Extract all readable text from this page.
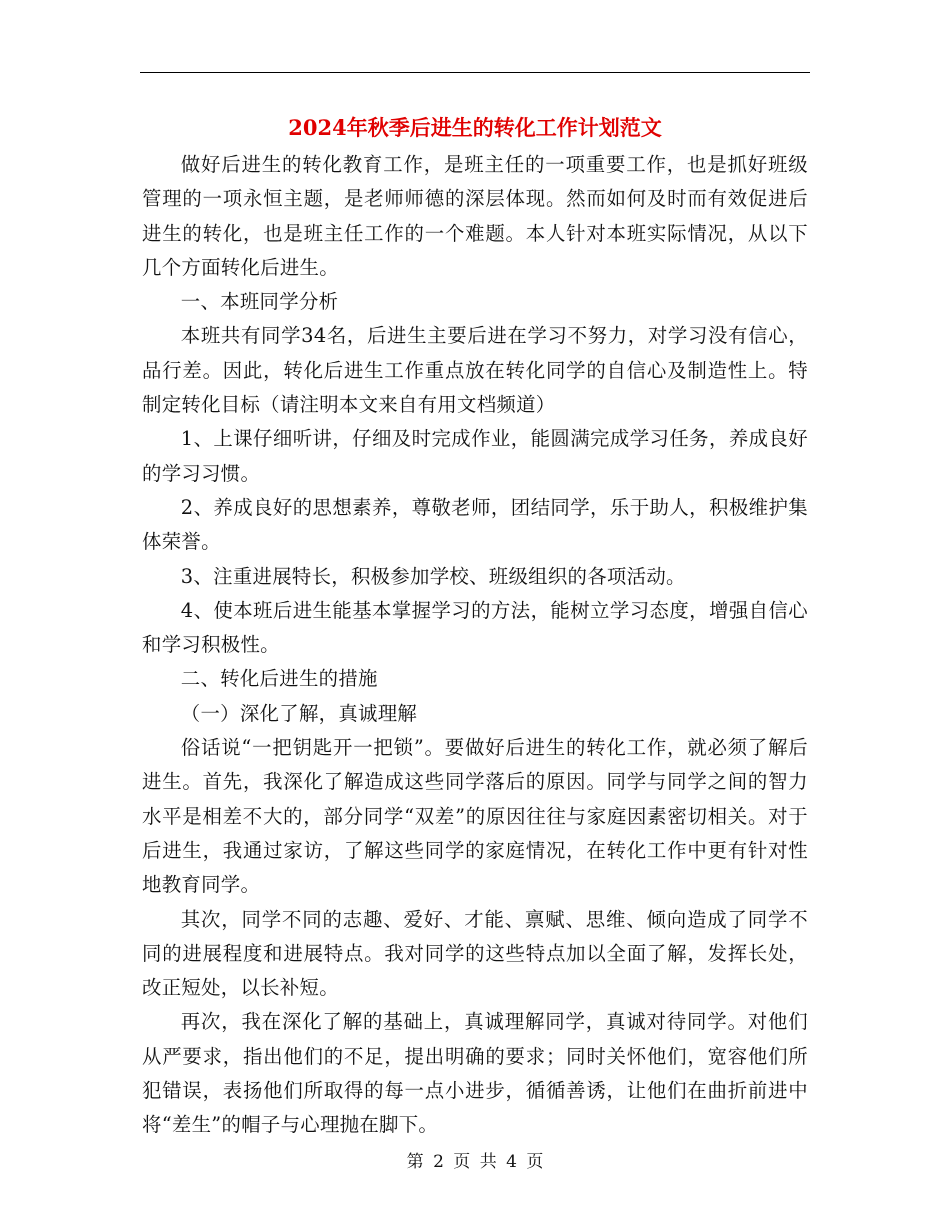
2024年秋季后进生的转化工作计划范文

做好后进生的转化教育工作，是班主任的一项重要工作，也是抓好班级管理的一项永恒主题，是老师师德的深层体现。然而如何及时而有效促进后进生的转化，也是班主任工作的一个难题。本人针对本班实际情况，从以下几个方面转化后进生。

一、本班同学分析

本班共有同学34名，后进生主要后进在学习不努力，对学习没有信心，品行差。因此，转化后进生工作重点放在转化同学的自信心及制造性上。特制定转化目标（请注明本文来自有用文档频道）

1、上课仔细听讲，仔细及时完成作业，能圆满完成学习任务，养成良好的学习习惯。

2、养成良好的思想素养，尊敬老师，团结同学，乐于助人，积极维护集体荣誉。

3、注重进展特长，积极参加学校、班级组织的各项活动。

4、使本班后进生能基本掌握学习的方法，能树立学习态度，增强自信心和学习积极性。

二、转化后进生的措施

（一）深化了解，真诚理解

俗话说“一把钥匙开一把锁”。要做好后进生的转化工作，就必须了解后进生。首先，我深化了解造成这些同学落后的原因。同学与同学之间的智力水平是相差不大的，部分同学“双差”的原因往往与家庭因素密切相关。对于后进生，我通过家访，了解这些同学的家庭情况，在转化工作中更有针对性地教育同学。

其次，同学不同的志趣、爱好、才能、禀赋、思维、倾向造成了同学不同的进展程度和进展特点。我对同学的这些特点加以全面了解，发挥长处，改正短处，以长补短。

再次，我在深化了解的基础上，真诚理解同学，真诚对待同学。对他们从严要求，指出他们的不足，提出明确的要求；同时关怀他们，宽容他们所犯错误，表扬他们所取得的每一点小进步，循循善诱，让他们在曲折前进中将“差生”的帽子与心理抛在脚下。

第 2 页 共 4 页
